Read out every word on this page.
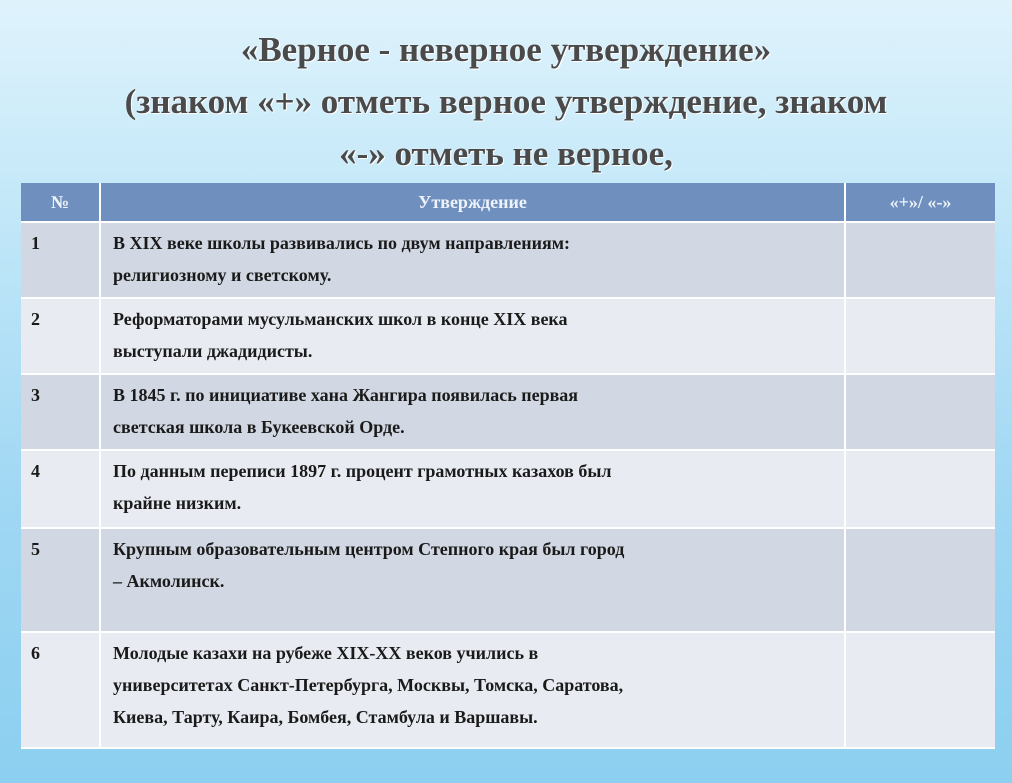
«Верное - неверное утверждение»
(знаком «+» отметь верное утверждение, знаком
«-» отметь не верное,
№	Утверждение	«+»/ «-»
1	В XIX веке школы развивались по двум направлениям:
религиозному и светскому.	

2	Реформаторами мусульманских школ в конце XIX века
выступали джадидисты.	

3	В 1845 г. по инициативе хана Жангира появилась первая
светская школа в Букеевской Орде.	

4	По данным переписи 1897 г. процент грамотных казахов был
крайне низким.	

5	Крупным образовательным центром Степного края был город
– Акмолинск.	

6	Молодые казахи на рубеже XIX-XX веков учились в
университетах Санкт-Петербурга, Москвы, Томска, Саратова,
Киева, Тарту, Каира, Бомбея, Стамбула и Варшавы.	
